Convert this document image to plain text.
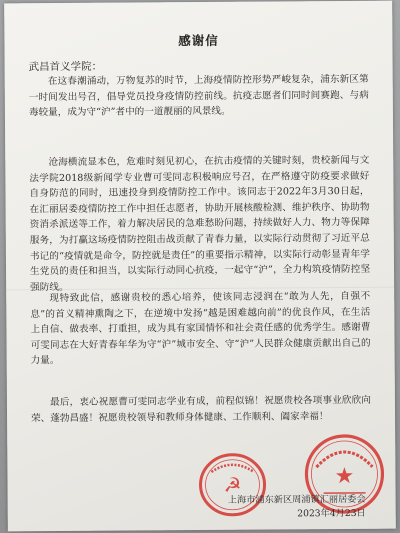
感谢信
武昌首义学院：

在这春潮涌动，万物复苏的时节，上海疫情防控形势严峻复杂，浦东新区第一时间发出号召，倡导党员投身疫情防控前线。抗疫志愿者们同时间赛跑、与病毒较量，成为守“沪”者中的一道靓丽的风景线。

沧海横流显本色，危难时刻见初心，在抗击疫情的关键时刻，贵校新闻与文法学院2018级新闻学专业曹可雯同志积极响应号召，在严格遵守防疫要求做好自身防范的同时，迅速投身到疫情防控工作中。该同志于2022年3月30日起，在汇丽居委疫情防控工作中担任志愿者，协助开展核酸检测、维护秩序、协助物资消杀派送等工作，着力解决居民的急难愁盼问题，持续做好人力、物力等保障服务，为打赢这场疫情防控阻击战贡献了青春力量，以实际行动贯彻了习近平总书记的“疫情就是命令，防控就是责任”的重要指示精神，以实际行动彰显青年学生党员的责任和担当，以实际行动同心抗疫，一起守“沪”，全力构筑疫情防控坚强防线。

现特致此信，感谢贵校的悉心培养，使该同志浸润在“敢为人先，自强不息”的首义精神熏陶之下，在逆境中发扬“越是困难越向前”的优良作风，在生活上自信、做表率、打重担，成为具有家国情怀和社会责任感的优秀学生。感谢曹可雯同志在大好青春年华为守“沪”城市安全、守“沪”人民群众健康贡献出自己的力量。

最后，衷心祝愿曹可雯同志学业有成，前程似锦！祝愿贵校各项事业欣欣向荣、蓬勃昌盛！祝愿贵校领导和教师身体健康、工作顺利、阖家幸福！

☭	★
上海市浦东新区周浦镇汇丽居委会
2023年4月23日
